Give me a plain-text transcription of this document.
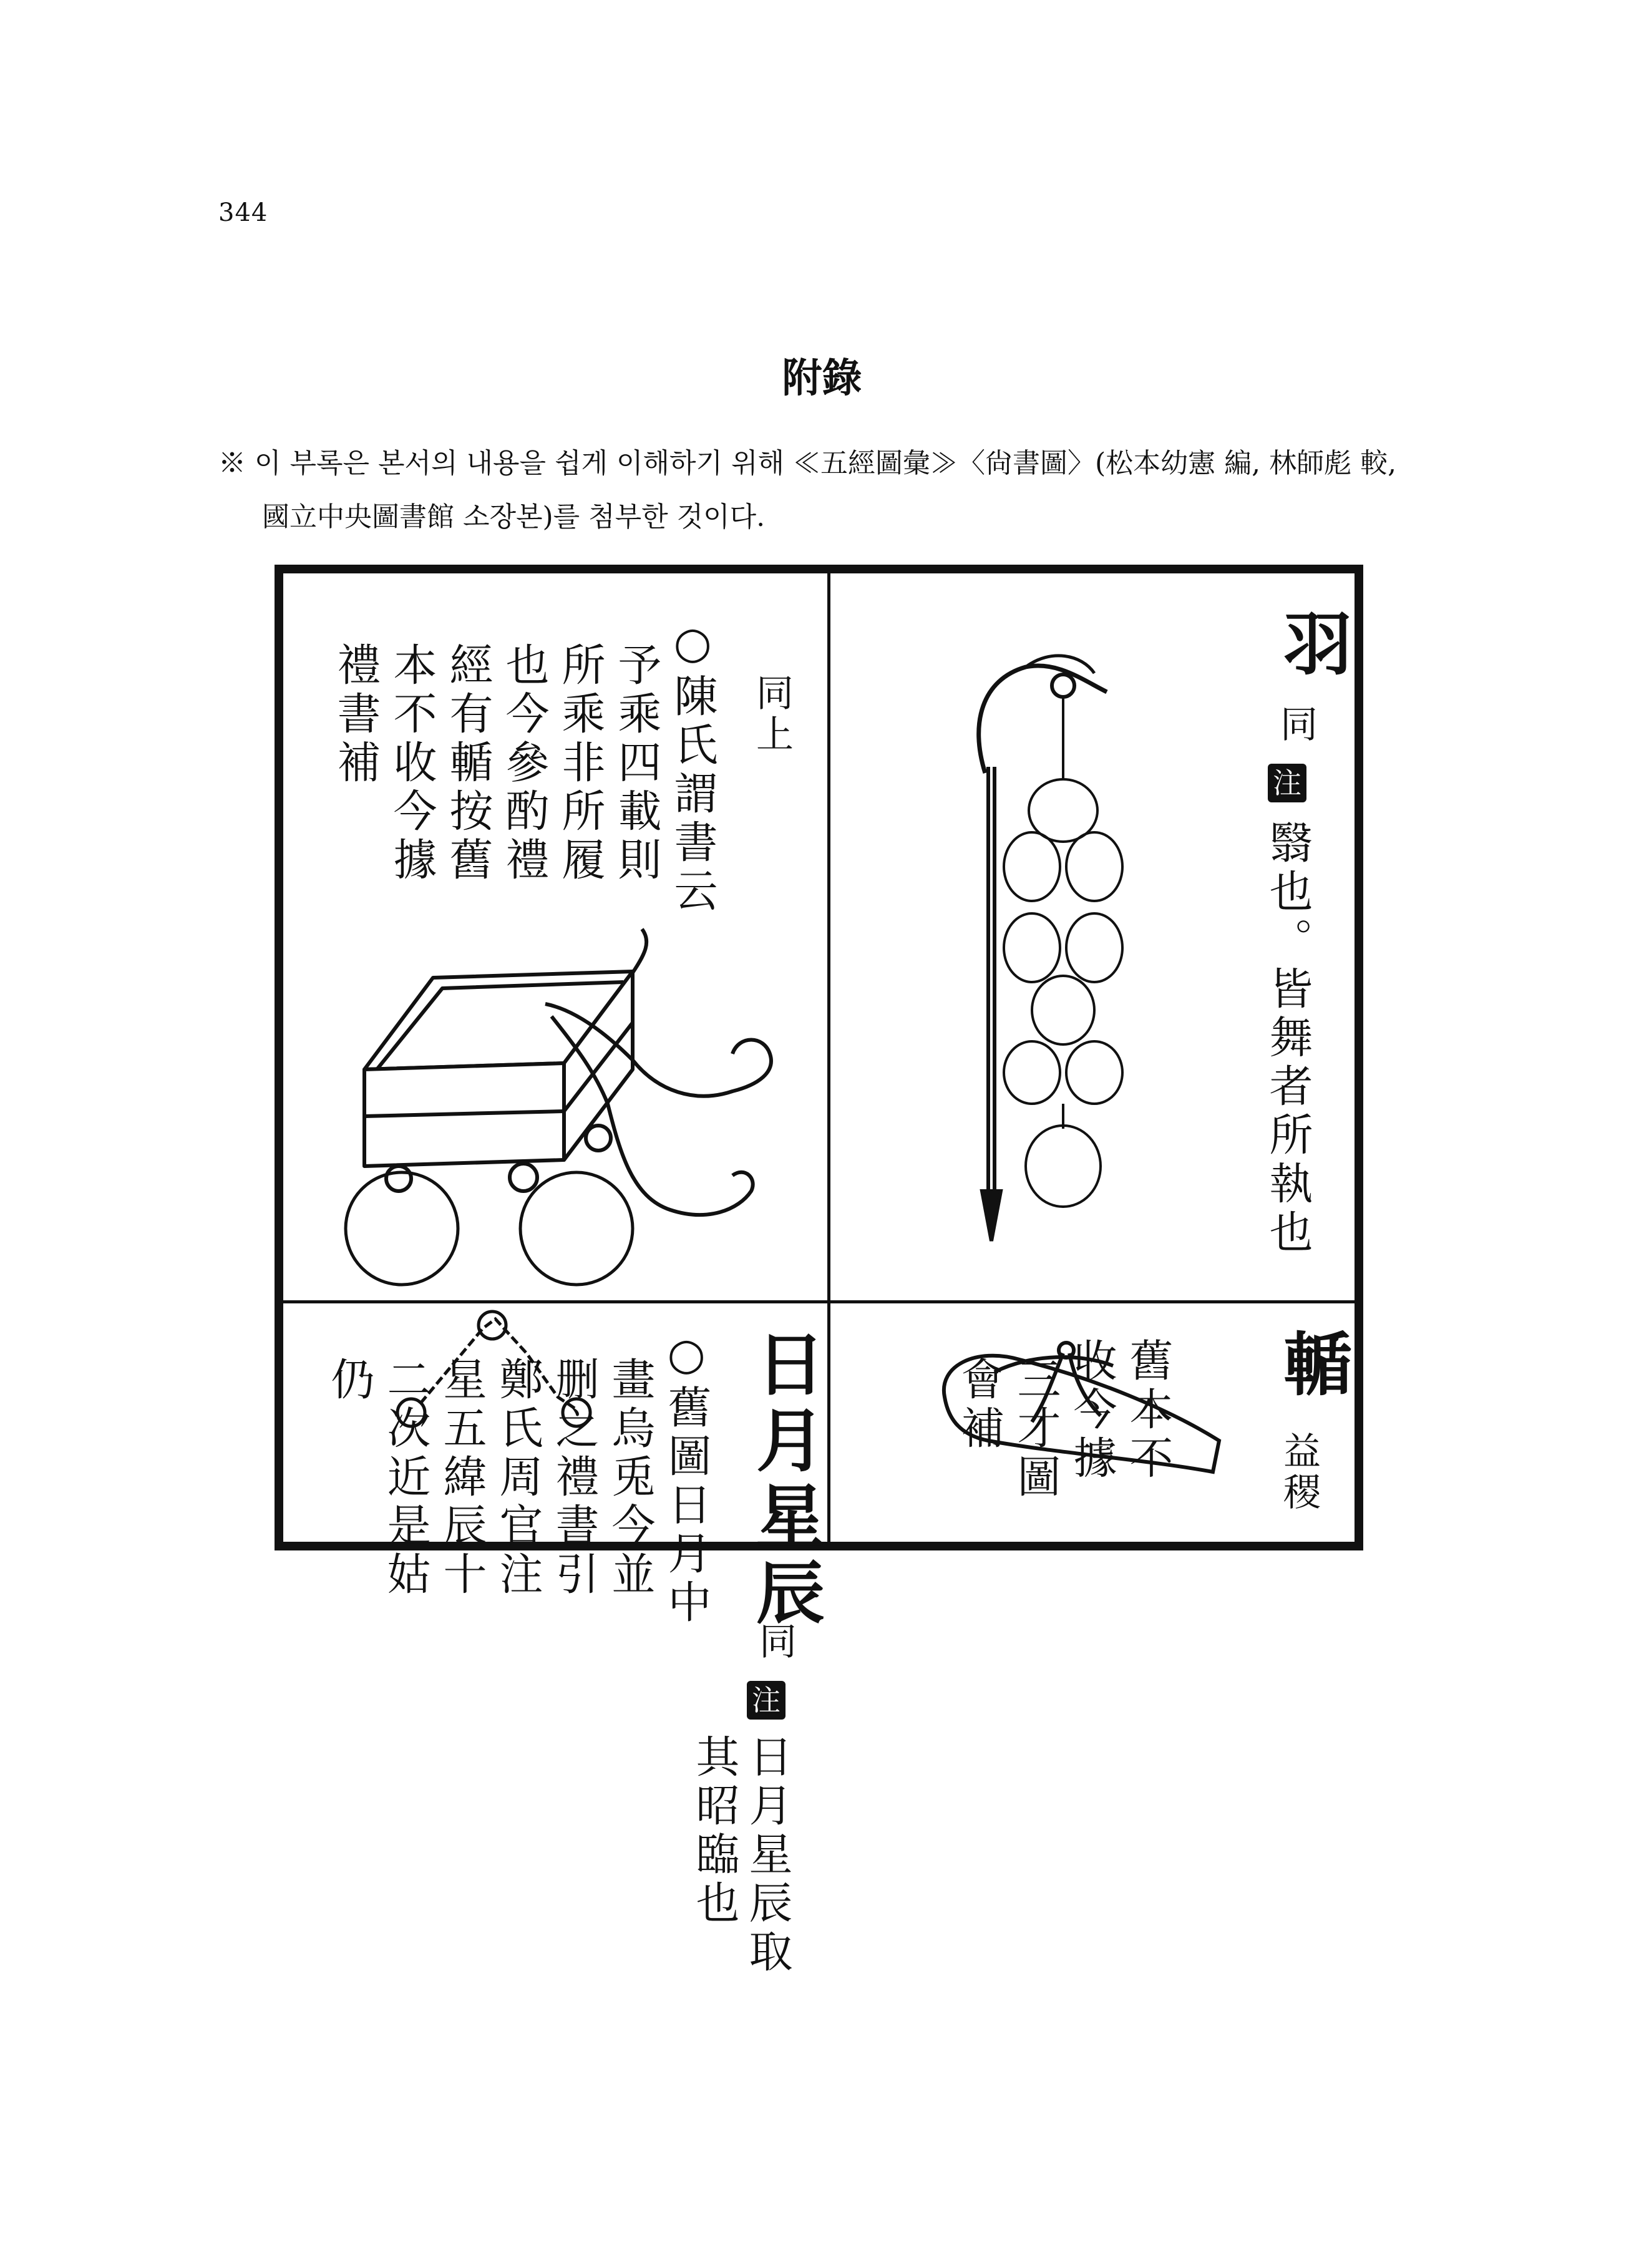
344
附錄
※ 이 부록은 본서의 내용을 쉽게 이해하기 위해 ≪五經圖彙≫〈尙書圖〉(松本幼憲 編, 林師彪 較,
國立中央圖書館 소장본)를 첨부한 것이다.
羽
同
注
翳也。皆舞者所執也
同上
○陳氏謂書云
予乘四載則
所乘非所履
也今參酌禮
經有輴按舊
本不收今據
禮書補
輴
益稷
舊本不
收今據
三才圖
會補
日月星辰
同
注
日月星辰取
其昭臨也
○舊圖日月中
畫烏兎今並
删之禮書引
鄭氏周官注
星五緯辰十
二次近是姑
仍
